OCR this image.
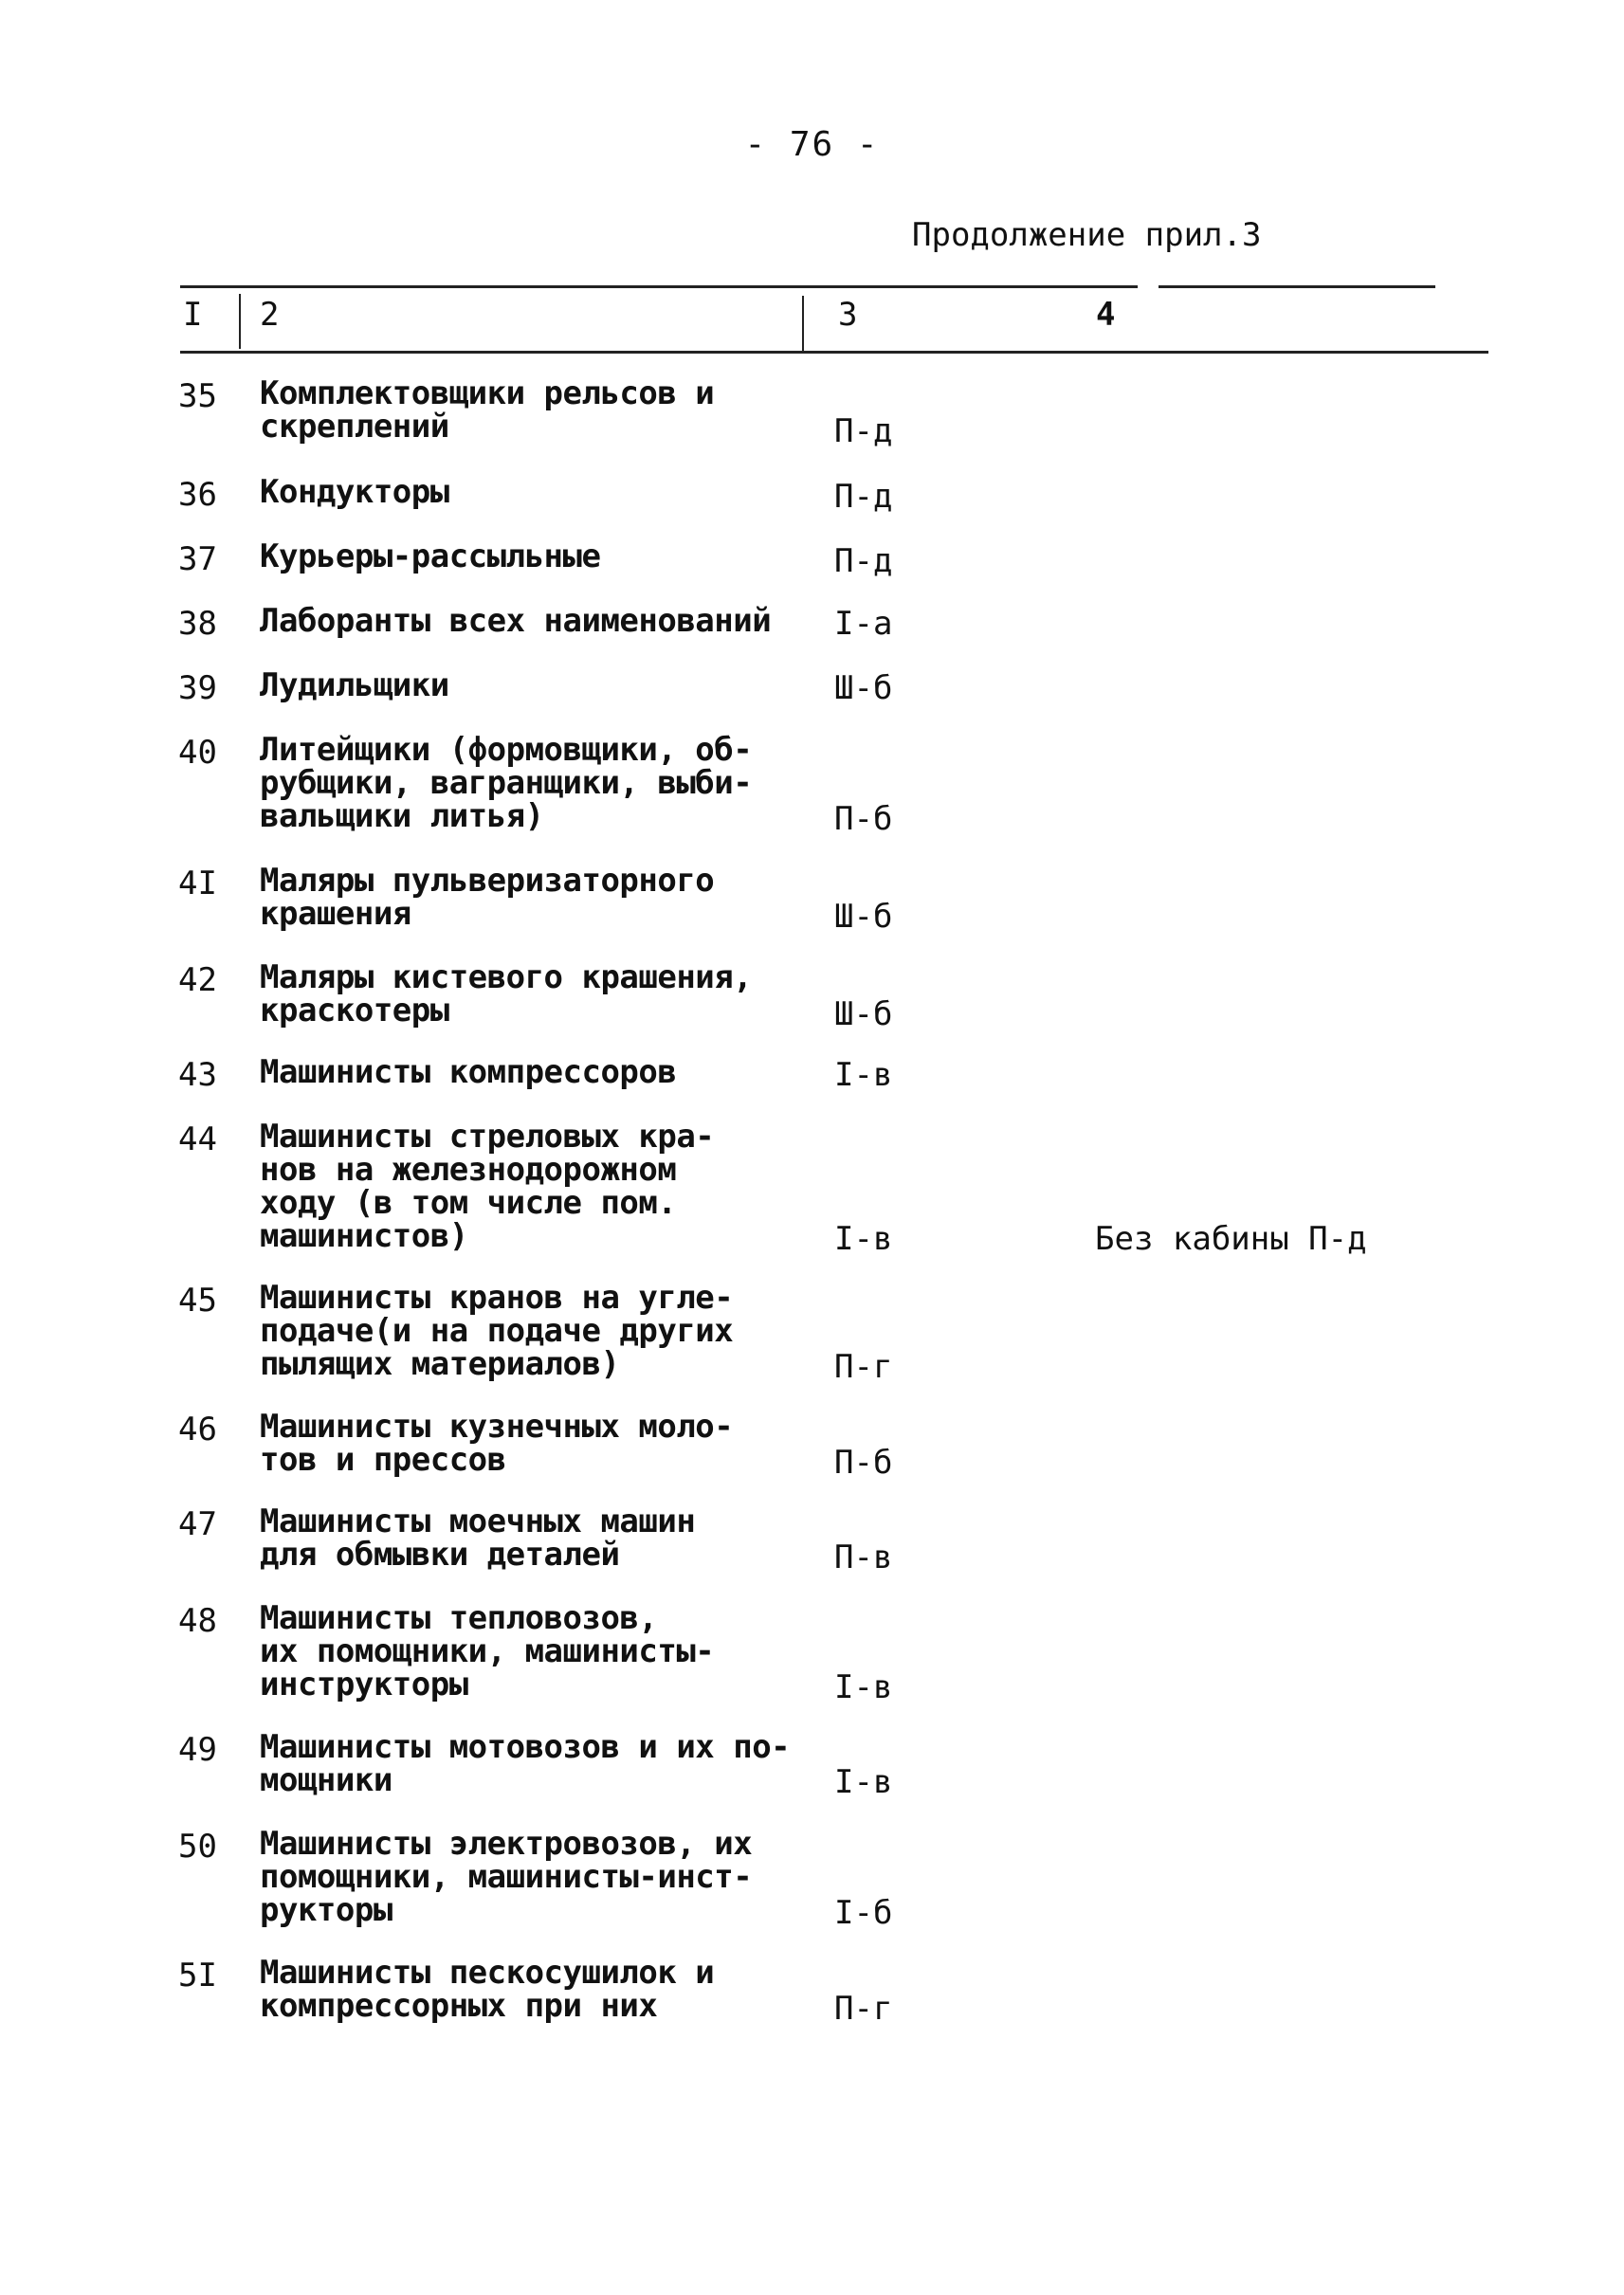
- 76 -
Продолжение прил.3
I 2	3	4
35 Комплектовщики рельсов и
скреплений	П-д
36 Кондукторы	П-д
37 Курьеры-рассыльные	П-д
38 Лаборанты всех наименований I-а
39 Лудильщики	Ш-б
40 Литейщики (формовщики, об-
рубщики, вагранщики, выби-
вальщики литья)	П-б
4I Маляры пульверизаторного
крашения	Ш-б
42 Маляры кистевого крашения,
краскотеры	Ш-б
43 Машинисты компрессоров	I-в
44 Машинисты стреловых кра-
нов на железнодорожном
ходу (в том числе пом.
машинистов)	I-в	Без кабины П-д
45 Машинисты кранов на угле-
подаче(и на подаче других
пылящих материалов)	П-г
46 Машинисты кузнечных моло-
тов и прессов	П-б
47 Машинисты моечных машин
для обмывки деталей	П-в
48 Машинисты тепловозов,
их помощники, машинисты-
инструкторы	I-в
49 Машинисты мотовозов и их по-
мощники	I-в
50 Машинисты электровозов, их
помощники, машинисты-инст-
рукторы	I-б
5I Машинисты пескосушилок и
компрессорных при них	П-г
